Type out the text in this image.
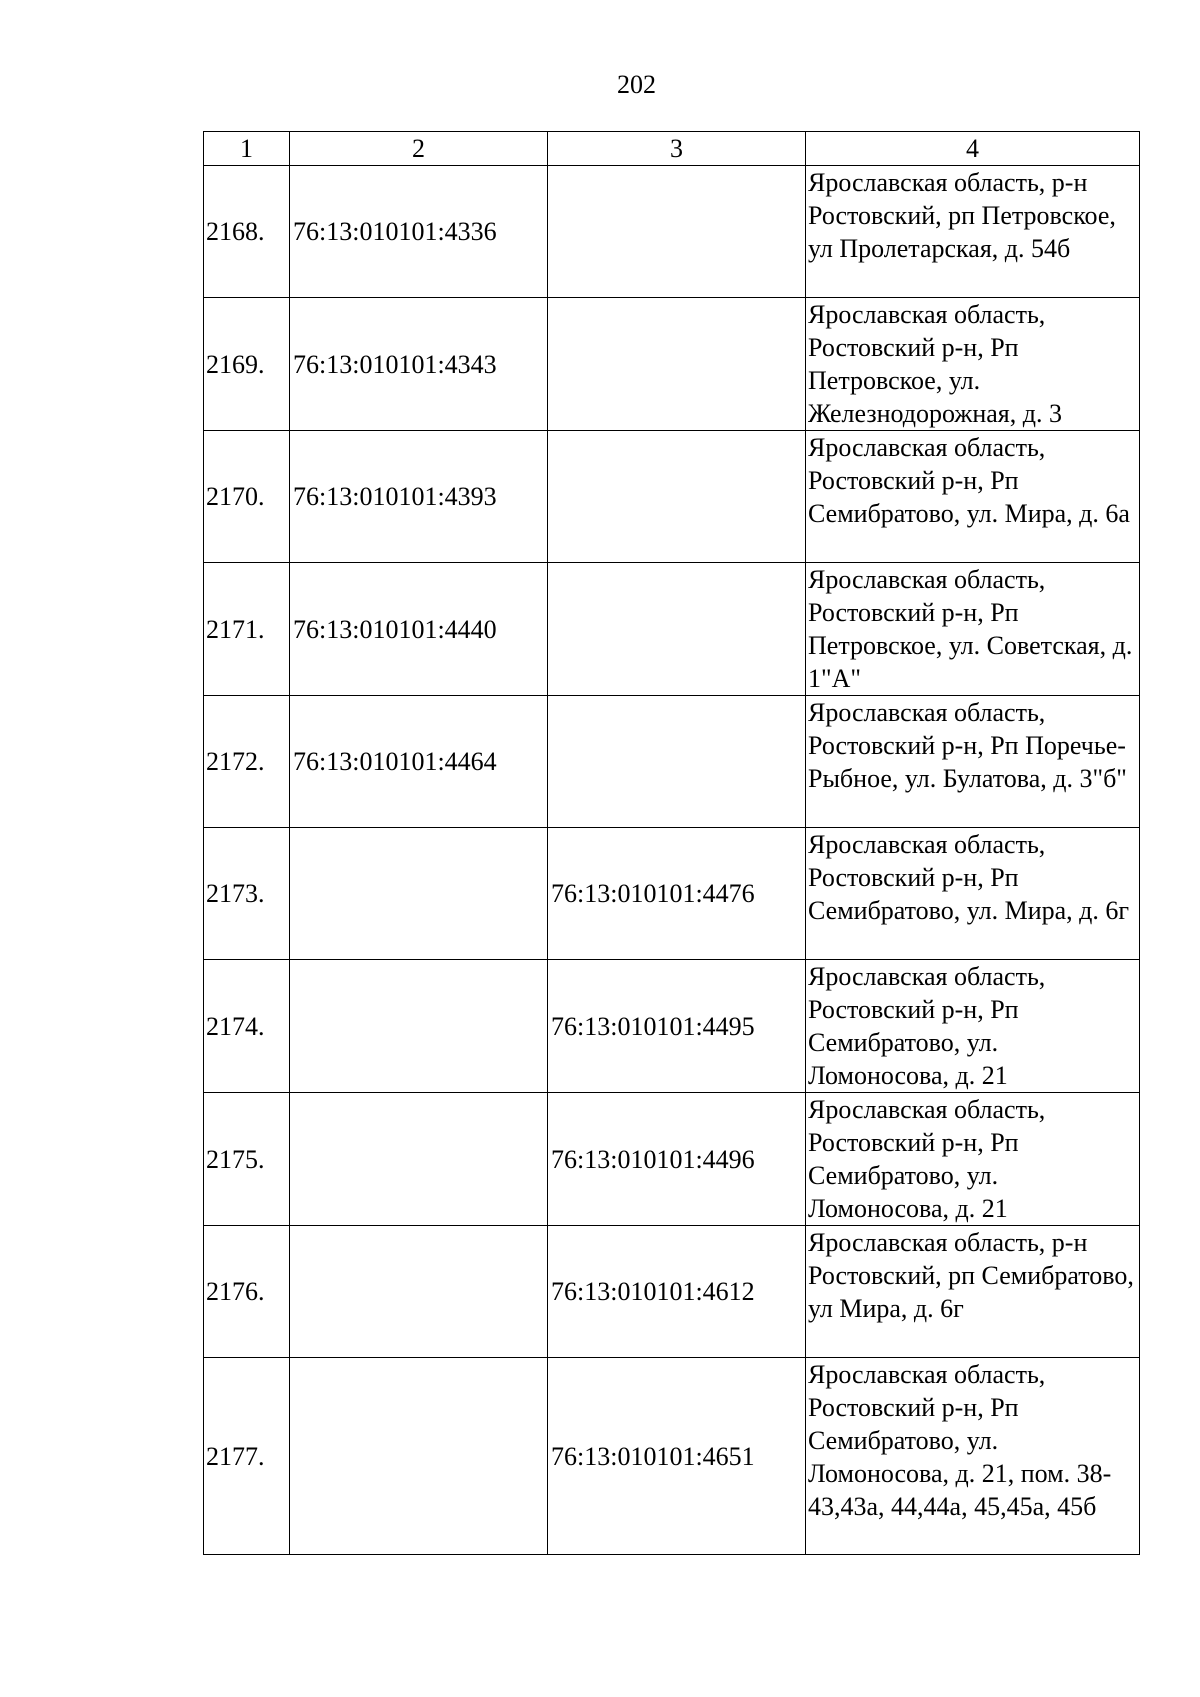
202
1	2	3	4
2168.	76:13:010101:4336		Ярославская область, р-н Ростовский, рп Петровское, ул Пролетарская, д. 54б
2169.	76:13:010101:4343		Ярославская область, Ростовский р-н, Рп Петровское, ул. Железнодорожная, д. 3
2170.	76:13:010101:4393		Ярославская область, Ростовский р-н, Рп Семибратово, ул. Мира, д. 6а
2171.	76:13:010101:4440		Ярославская область, Ростовский р-н, Рп Петровское, ул. Советская, д. 1"А"
2172.	76:13:010101:4464		Ярославская область, Ростовский р-н, Рп Поречье-Рыбное, ул. Булатова, д. 3"б"
2173.		76:13:010101:4476	Ярославская область, Ростовский р-н, Рп Семибратово, ул. Мира, д. 6г
2174.		76:13:010101:4495	Ярославская область, Ростовский р-н, Рп Семибратово, ул. Ломоносова, д. 21
2175.		76:13:010101:4496	Ярославская область, Ростовский р-н, Рп Семибратово, ул. Ломоносова, д. 21
2176.		76:13:010101:4612	Ярославская область, р-н Ростовский, рп Семибратово, ул Мира, д. 6г
2177.		76:13:010101:4651	Ярославская область, Ростовский р-н, Рп Семибратово, ул. Ломоносова, д. 21, пом. 38-43,43а, 44,44а, 45,45а, 45б
